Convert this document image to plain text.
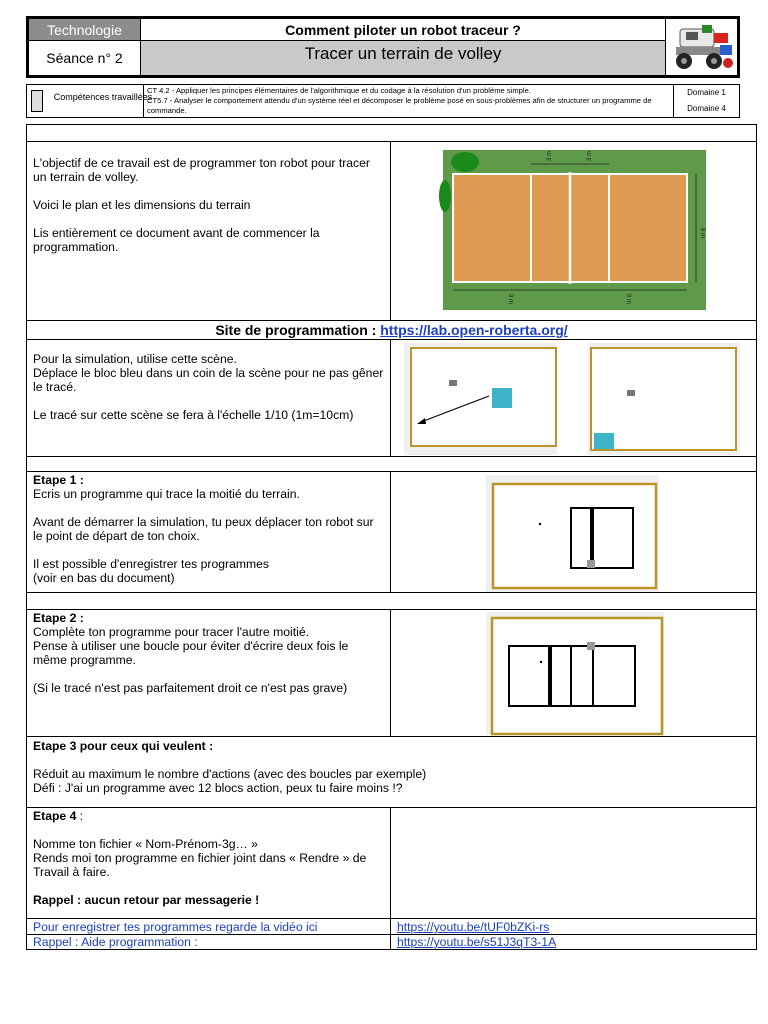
Technologie
Séance n° 2
Comment piloter un robot traceur ?
Tracer un terrain de volley
Compétences travaillées
CT 4.2 - Appliquer les principes élémentaires de l'algorithmique et du codage à la résolution d'un problème simple.
CT5.7 - Analyser le comportement attendu d'un système réel et décomposer le problème posé en sous-problèmes afin de structurer un programme de commande.
Domaine 1
Domaine 4

L'objectif de ce travail est de programmer ton robot pour tracer un terrain de volley.

Voici le plan et les dimensions du terrain

Lis entièrement ce document avant de commencer la programmation.

3 m	3 m
9 m
9 m	9 m
Site de programmation : https://lab.open-roberta.org/
Pour la simulation, utilise cette scène.

Déplace le bloc bleu dans un coin de la scène pour ne pas gêner le tracé.

Le tracé sur cette scène se fera à l'échelle 1/10 (1m=10cm)

Etape 1 :

Ecris un programme qui trace la moitié du terrain.

Avant de démarrer la simulation, tu peux déplacer ton robot sur le point de départ de ton choix.

Il est possible d'enregistrer tes programmes
(voir en bas du document)
Etape 2 :
Complète ton programme pour tracer l'autre moitié.

Pense à utiliser une boucle pour éviter d'écrire deux fois le même programme.

(Si le tracé n'est pas parfaitement droit ce n'est pas grave)

Etape 3 pour ceux qui veulent :

Réduit au maximum le nombre d'actions (avec des boucles par exemple)
Défi : J'ai un programme avec 12 blocs action, peux tu faire moins !?

Etape 4 :

Nomme ton fichier « Nom-Prénom-3g… »

Rends moi ton programme en fichier joint dans « Rendre » de Travail à faire.

Rappel : aucun retour par messagerie !
Pour enregistrer tes programmes regarde la vidéo ici	https://youtu.be/tUF0bZKi-rs
Rappel : Aide programmation :	https://youtu.be/s51J3qT3-1A
